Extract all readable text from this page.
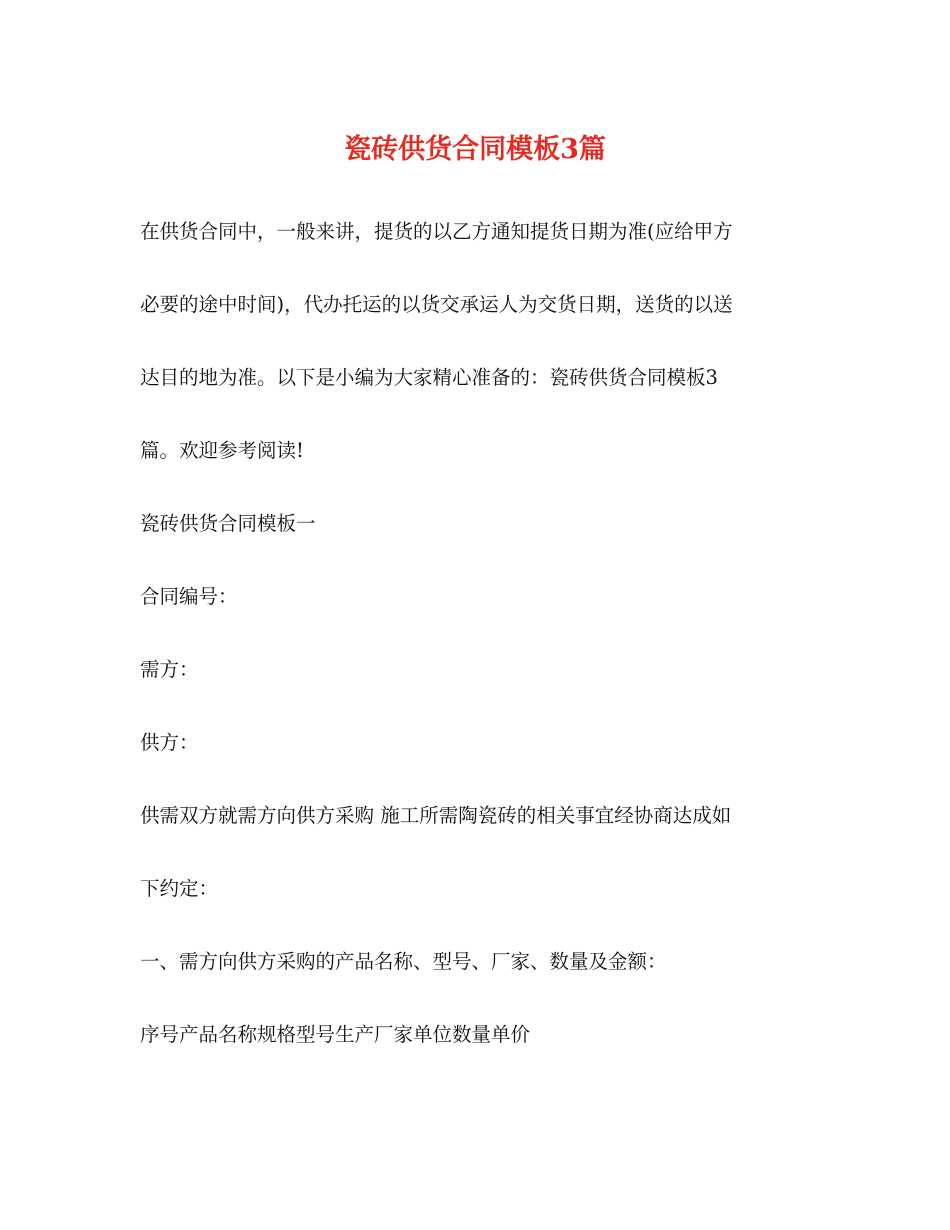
瓷砖供货合同模板3篇
在供货合同中，一般来讲，提货的以乙方通知提货日期为准(应给甲方
必要的途中时间)，代办托运的以货交承运人为交货日期，送货的以送
达目的地为准。以下是小编为大家精心准备的：瓷砖供货合同模板3
篇。欢迎参考阅读!
瓷砖供货合同模板一
合同编号：
需方：
供方：
供需双方就需方向供方采购 施工所需陶瓷砖的相关事宜经协商达成如
下约定：
一、需方向供方采购的产品名称、型号、厂家、数量及金额：
序号产品名称规格型号生产厂家单位数量单价
